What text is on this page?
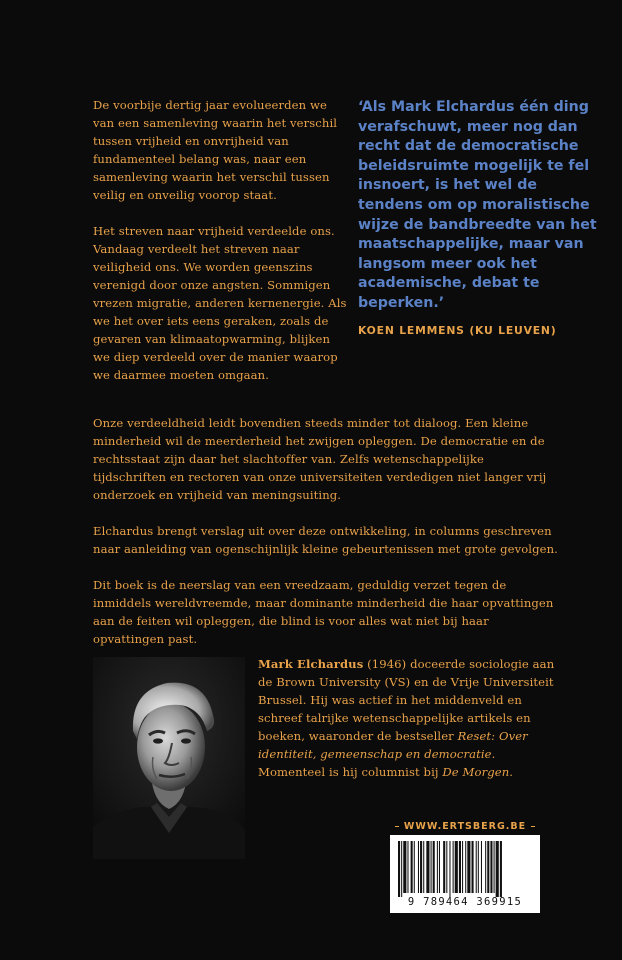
De voorbije dertig jaar evolueerden we van een samenleving waarin het verschil tussen vrijheid en onvrijheid van fundamenteel belang was, naar een samenleving waarin het verschil tussen veilig en onveilig voorop staat.

Het streven naar vrijheid verdeelde ons. Vandaag verdeelt het streven naar veiligheid ons. We worden geenszins verenigd door onze angsten. Sommigen vrezen migratie, anderen kernenergie. Als we het over iets eens geraken, zoals de gevaren van klimaatopwarming, blijken we diep verdeeld over de manier waarop we daarmee moeten omgaan.

‘Als Mark Elchardus één ding verafschuwt, meer nog dan recht dat de democratische beleidsruimte mogelijk te fel insnoert, is het wel de tendens om op moralistische wijze de bandbreedte van het maatschappelijke, maar van langsom meer ook het academische, debat te beperken.’

KOEN LEMMENS (KU LEUVEN)

Onze verdeeldheid leidt bovendien steeds minder tot dialoog. Een kleine minderheid wil de meerderheid het zwijgen opleggen. De democratie en de rechtsstaat zijn daar het slachtoffer van. Zelfs wetenschappelijke tijdschriften en rectoren van onze universiteiten verdedigen niet langer vrij onderzoek en vrijheid van meningsuiting.

Elchardus brengt verslag uit over deze ontwikkeling, in columns geschreven naar aanleiding van ogenschijnlijk kleine gebeurtenissen met grote gevolgen.

Dit boek is de neerslag van een vreedzaam, geduldig verzet tegen de inmiddels wereldvreemde, maar dominante minderheid die haar opvattingen aan de feiten wil opleggen, die blind is voor alles wat niet bij haar opvattingen past.

Mark Elchardus (1946) doceerde sociologie aan de Brown University (VS) en de Vrije Universiteit Brussel. Hij was actief in het middenveld en schreef talrijke wetenschappelijke artikels en boeken, waaronder de bestseller Reset: Over identiteit, gemeenschap en democratie. Momenteel is hij columnist bij De Morgen.

WWW.ERTSBERG.BE
9 789464 369915
